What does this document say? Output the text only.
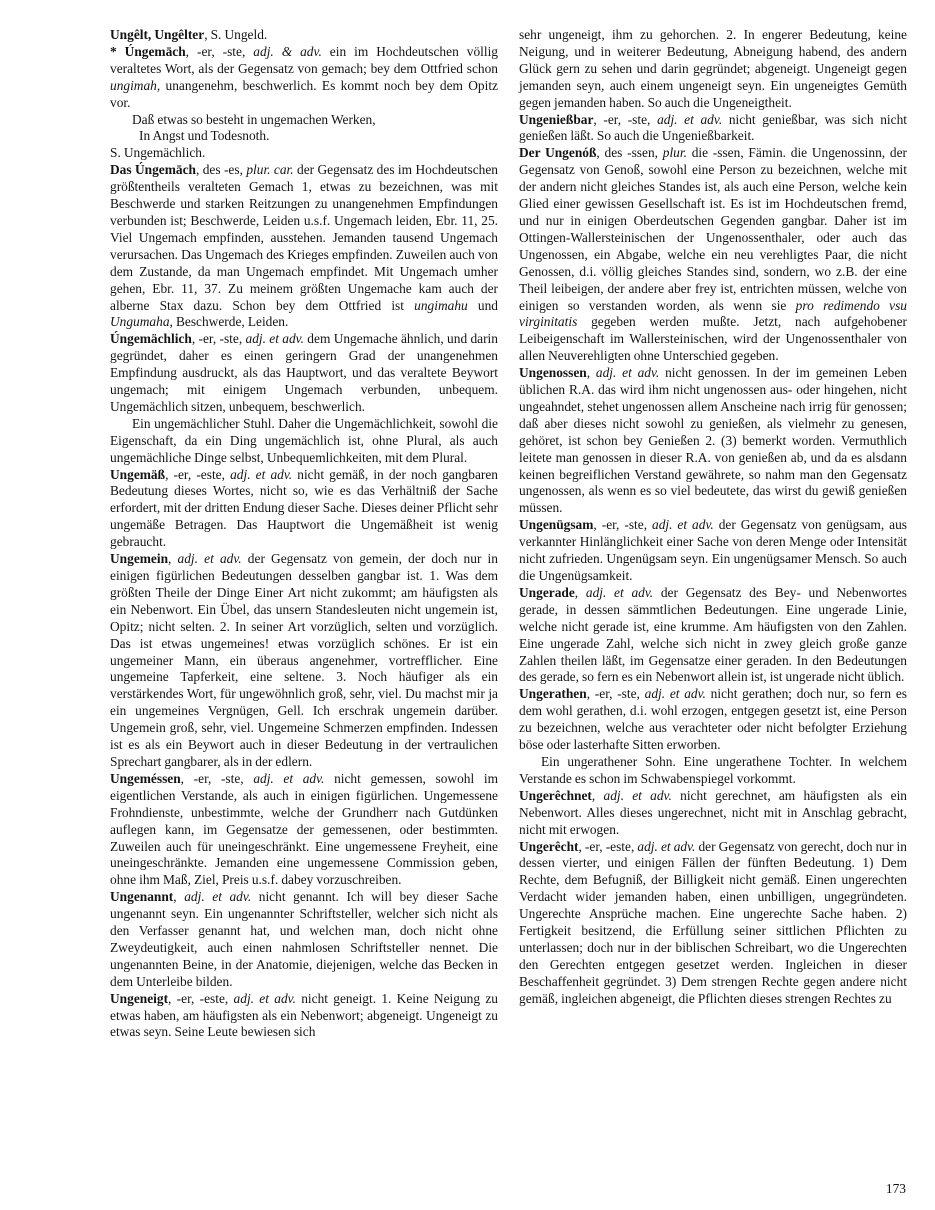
Ungêlt, Ungêlter, S. Ungeld.

* Úngemāch, -er, -ste, adj. & adv. ein im Hochdeutschen völlig veraltetes Wort, als der Gegensatz von gemach; bey dem Ottfried schon ungimah, unangenehm, beschwerlich. Es kommt noch bey dem Opitz vor.

Daß etwas so besteht in ungemachen Werken,

In Angst und Todesnoth.

S. Ungemächlich.

Das Úngemāch, des -es, plur. car. der Gegensatz des im Hochdeutschen größtentheils veralteten Gemach 1, etwas zu bezeichnen, was mit Beschwerde und starken Reitzungen zu unangenehmen Empfindungen verbunden ist; Beschwerde, Leiden u.s.f. Ungemach leiden, Ebr. 11, 25. Viel Ungemach empfinden, ausstehen. Jemanden tausend Ungemach verursachen. Das Ungemach des Krieges empfinden. Zuweilen auch von dem Zustande, da man Ungemach empfindet. Mit Ungemach umher gehen, Ebr. 11, 37. Zu meinem größten Ungemache kam auch der alberne Stax dazu. Schon bey dem Ottfried ist ungimahu und Ungumaha, Beschwerde, Leiden.

Úngemächlich, -er, -ste, adj. et adv. dem Ungemache ähnlich, und darin gegründet, daher es einen geringern Grad der unangenehmen Empfindung ausdruckt, als das Hauptwort, und das veraltete Beywort ungemach; mit einigem Ungemach verbunden, unbequem. Ungemächlich sitzen, unbequem, beschwerlich.

Ein ungemächlicher Stuhl. Daher die Ungemächlichkeit, sowohl die Eigenschaft, da ein Ding ungemächlich ist, ohne Plural, als auch ungemächliche Dinge selbst, Unbequemlichkeiten, mit dem Plural.

Ungemäß, -er, -este, adj. et adv. nicht gemäß, in der noch gangbaren Bedeutung dieses Wortes, nicht so, wie es das Verhältniß der Sache erfordert, mit der dritten Endung dieser Sache. Dieses deiner Pflicht sehr ungemäße Betragen. Das Hauptwort die Ungemäßheit ist wenig gebraucht.

Ungemein, adj. et adv. der Gegensatz von gemein, der doch nur in einigen figürlichen Bedeutungen desselben gangbar ist. 1. Was dem größten Theile der Dinge Einer Art nicht zukommt; am häufigsten als ein Nebenwort. Ein Übel, das unsern Standesleuten nicht ungemein ist, Opitz; nicht selten. 2. In seiner Art vorzüglich, selten und vorzüglich. Das ist etwas ungemeines! etwas vorzüglich schönes. Er ist ein ungemeiner Mann, ein überaus angenehmer, vortrefflicher. Eine ungemeine Tapferkeit, eine seltene. 3. Noch häufiger als ein verstärkendes Wort, für ungewöhnlich groß, sehr, viel. Du machst mir ja ein ungemeines Vergnügen, Gell. Ich erschrak ungemein darüber. Ungemein groß, sehr, viel. Ungemeine Schmerzen empfinden. Indessen ist es als ein Beywort auch in dieser Bedeutung in der vertraulichen Sprechart gangbarer, als in der edlern.

Ungeméssen, -er, -ste, adj. et adv. nicht gemessen, sowohl im eigentlichen Verstande, als auch in einigen figürlichen. Ungemessene Frohndienste, unbestimmte, welche der Grundherr nach Gutdünken auflegen kann, im Gegensatze der gemessenen, oder bestimmten. Zuweilen auch für uneingeschränkt. Eine ungemessene Freyheit, eine uneingeschränkte. Jemanden eine ungemessene Commission geben, ohne ihm Maß, Ziel, Preis u.s.f. dabey vorzuschreiben.

Ungenannt, adj. et adv. nicht genannt. Ich will bey dieser Sache ungenannt seyn. Ein ungenannter Schriftsteller, welcher sich nicht als den Verfasser genannt hat, und welchen man, doch nicht ohne Zweydeutigkeit, auch einen nahmlosen Schriftsteller nennet. Die ungenannten Beine, in der Anatomie, diejenigen, welche das Becken in dem Unterleibe bilden.

Ungeneigt, -er, -este, adj. et adv. nicht geneigt. 1. Keine Neigung zu etwas haben, am häufigsten als ein Nebenwort; abgeneigt. Ungeneigt zu etwas seyn. Seine Leute bewiesen sich

sehr ungeneigt, ihm zu gehorchen. 2. In engerer Bedeutung, keine Neigung, und in weiterer Bedeutung, Abneigung habend, des andern Glück gern zu sehen und darin gegründet; abgeneigt. Ungeneigt gegen jemanden seyn, auch einem ungeneigt seyn. Ein ungeneigtes Gemüth gegen jemanden haben. So auch die Ungeneigtheit.

Ungenießbar, -er, -ste, adj. et adv. nicht genießbar, was sich nicht genießen läßt. So auch die Ungenießbarkeit.

Der Ungenóß, des -ssen, plur. die -ssen, Fämin. die Ungenossinn, der Gegensatz von Genoß, sowohl eine Person zu bezeichnen, welche mit der andern nicht gleiches Standes ist, als auch eine Person, welche kein Glied einer gewissen Gesellschaft ist. Es ist im Hochdeutschen fremd, und nur in einigen Oberdeutschen Gegenden gangbar. Daher ist im Ottingen-Wallersteinischen der Ungenossenthaler, oder auch das Ungenossen, ein Abgabe, welche ein neu verehligtes Paar, die nicht Genossen, d.i. völlig gleiches Standes sind, sondern, wo z.B. der eine Theil leibeigen, der andere aber frey ist, entrichten müssen, welche von einigen so verstanden worden, als wenn sie pro redimendo vsu virginitatis gegeben werden mußte. Jetzt, nach aufgehobener Leibeigenschaft im Wallersteinischen, wird der Ungenossenthaler von allen Neuverehligten ohne Unterschied gegeben.

Ungenossen, adj. et adv. nicht genossen. In der im gemeinen Leben üblichen R.A. das wird ihm nicht ungenossen aus- oder hingehen, nicht ungeahndet, stehet ungenossen allem Anscheine nach irrig für genossen; daß aber dieses nicht sowohl zu genießen, als vielmehr zu genesen, gehöret, ist schon bey Genießen 2. (3) bemerkt worden. Vermuthlich leitete man genossen in dieser R.A. von genießen ab, und da es alsdann keinen begreiflichen Verstand gewährete, so nahm man den Gegensatz ungenossen, als wenn es so viel bedeutete, das wirst du gewiß genießen müssen.

Ungenügsam, -er, -ste, adj. et adv. der Gegensatz von genügsam, aus verkannter Hinlänglichkeit einer Sache von deren Menge oder Intensität nicht zufrieden. Ungenügsam seyn. Ein ungenügsamer Mensch. So auch die Ungenügsamkeit.

Ungerade, adj. et adv. der Gegensatz des Bey- und Nebenwortes gerade, in dessen sämmtlichen Bedeutungen. Eine ungerade Linie, welche nicht gerade ist, eine krumme. Am häufigsten von den Zahlen. Eine ungerade Zahl, welche sich nicht in zwey gleich große ganze Zahlen theilen läßt, im Gegensatze einer geraden. In den Bedeutungen des gerade, so fern es ein Nebenwort allein ist, ist ungerade nicht üblich.

Ungerathen, -er, -ste, adj. et adv. nicht gerathen; doch nur, so fern es dem wohl gerathen, d.i. wohl erzogen, entgegen gesetzt ist, eine Person zu bezeichnen, welche aus verachteter oder nicht befolgter Erziehung böse oder lasterhafte Sitten erworben.

Ein ungerathener Sohn. Eine ungerathene Tochter. In welchem Verstande es schon im Schwabenspiegel vorkommt.

Ungerêchnet, adj. et adv. nicht gerechnet, am häufigsten als ein Nebenwort. Alles dieses ungerechnet, nicht mit in Anschlag gebracht, nicht mit erwogen.

Ungerêcht, -er, -este, adj. et adv. der Gegensatz von gerecht, doch nur in dessen vierter, und einigen Fällen der fünften Bedeutung. 1) Dem Rechte, dem Befugniß, der Billigkeit nicht gemäß. Einen ungerechten Verdacht wider jemanden haben, einen unbilligen, ungegründeten. Ungerechte Ansprüche machen. Eine ungerechte Sache haben. 2) Fertigkeit besitzend, die Erfüllung seiner sittlichen Pflichten zu unterlassen; doch nur in der biblischen Schreibart, wo die Ungerechten den Gerechten entgegen gesetzet werden. Ingleichen in dieser Beschaffenheit gegründet. 3) Dem strengen Rechte gegen andere nicht gemäß, ingleichen abgeneigt, die Pflichten dieses strengen Rechtes zu

173
